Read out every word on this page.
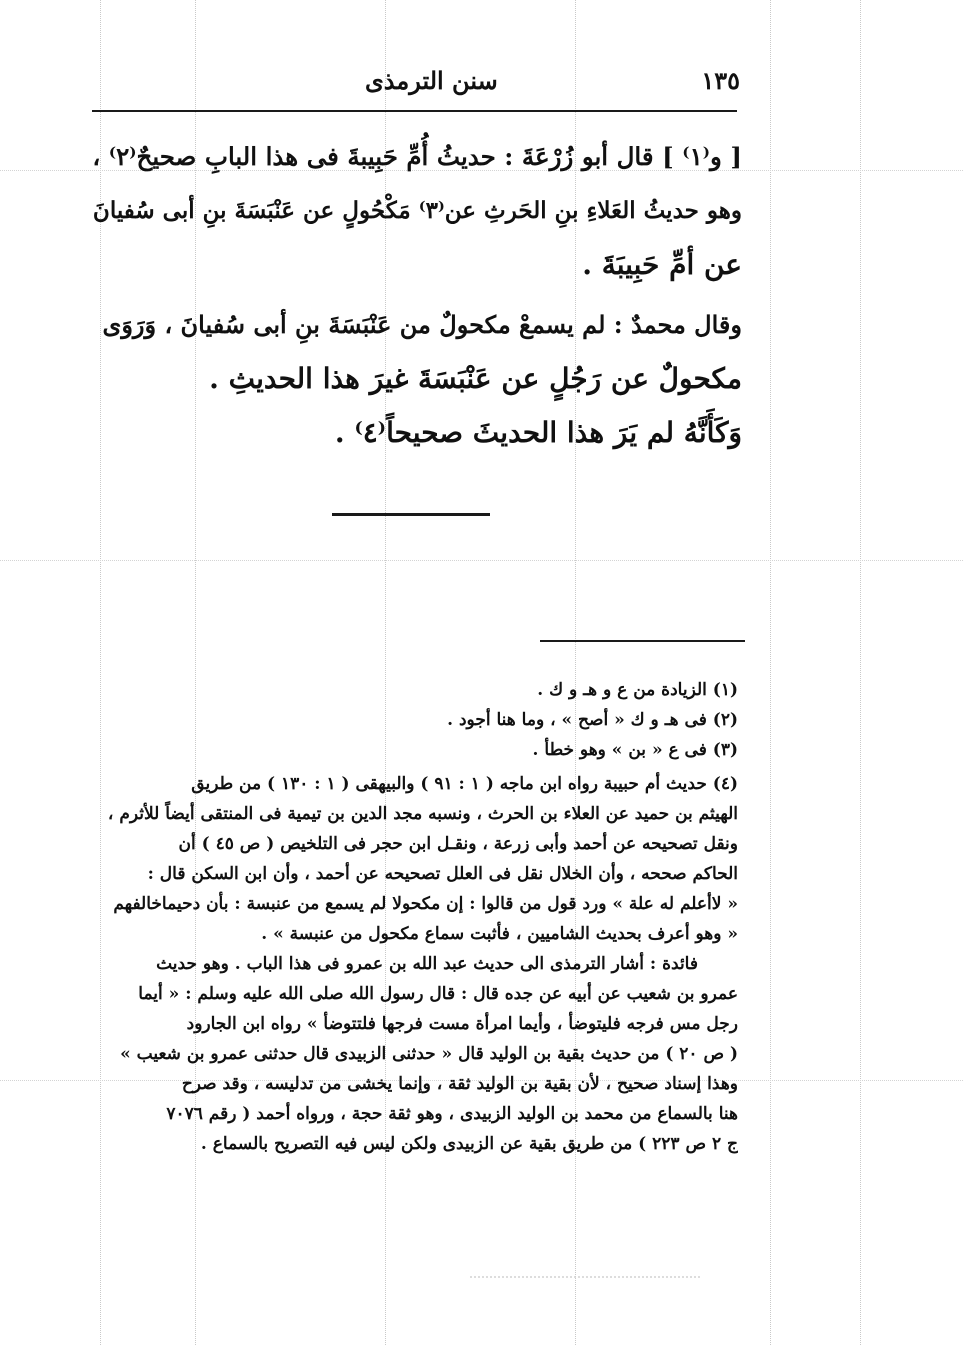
١٣٥
سنن الترمذى
[ و⁽١⁾ ] قال أبو زُرْعَةَ : حديثُ أُمِّ حَبِيبةَ فى هذا البابِ صحيحٌ⁽٢⁾ ،
وهو حديثُ العَلاءِ بنِ الحَرثِ عن⁽٣⁾ مَكْحُولٍ عن عَنْبَسَةَ بنِ أبى سُفيانَ
عن أمِّ حَبِيبَةَ .
وقال محمدٌ : لم يسمعْ مكحولٌ من عَنْبَسَةَ بنِ أبى سُفيانَ ، وَرَوَى
مكحولٌ عن رَجُلٍ عن عَنْبَسَةَ غيرَ هذا الحديثِ .
وَكَأَنَّهُ لم يَرَ هذا الحديثَ صحيحاً⁽٤⁾ .
(١) الزيادة من ع و هـ و ك .
(٢) فى هـ و ك « أصح » ، وما هنا أجود .
(٣) فى ع « بن » وهو خطأ .
(٤) حديث أم حبيبة رواه ابن ماجه ( ١ : ٩١ ) والبيهقى ( ١ : ١٣٠ ) من طريق
الهيثم بن حميد عن العلاء بن الحرث ، ونسبه مجد الدين بن تيمية فى المنتقى أيضاً للأثرم ،
ونقل تصحيحه عن أحمد وأبى زرعة ، ونقـل ابن حجر فى التلخيص ( ص ٤٥ ) أن
الحاكم صححه ، وأن الخلال نقل فى العلل تصحيحه عن أحمد ، وأن ابن السكن قال :
« لاأعلم له علة » ورد قول من قالوا : إن مكحولا لم يسمع من عنبسة : بأن دحيماخالفهم
« وهو أعرف بحديث الشاميين ، فأثبت سماع مكحول من عنبسة » .
فائدة : أشار الترمذى الى حديث عبد الله بن عمرو فى هذا الباب . وهو حديث
عمرو بن شعيب عن أبيه عن جده قال : قال رسول الله صلى الله عليه وسلم : « أيما
رجل مس فرجه فليتوضأ ، وأيما امرأة مست فرجها فلتتوضأ » رواه ابن الجارود
( ص ٢٠ ) من حديث بقية بن الوليد قال « حدثنى الزبيدى قال حدثنى عمرو بن شعيب »
وهذا إسناد صحيح ، لأن بقية بن الوليد ثقة ، وإنما يخشى من تدليسه ، وقد صرح
هنا بالسماع من محمد بن الوليد الزبيدى ، وهو ثقة حجة ، ورواه أحمد ( رقم ٧٠٧٦
ج ٢ ص ٢٢٣ ) من طريق بقية عن الزبيدى ولكن ليس فيه التصريح بالسماع .
